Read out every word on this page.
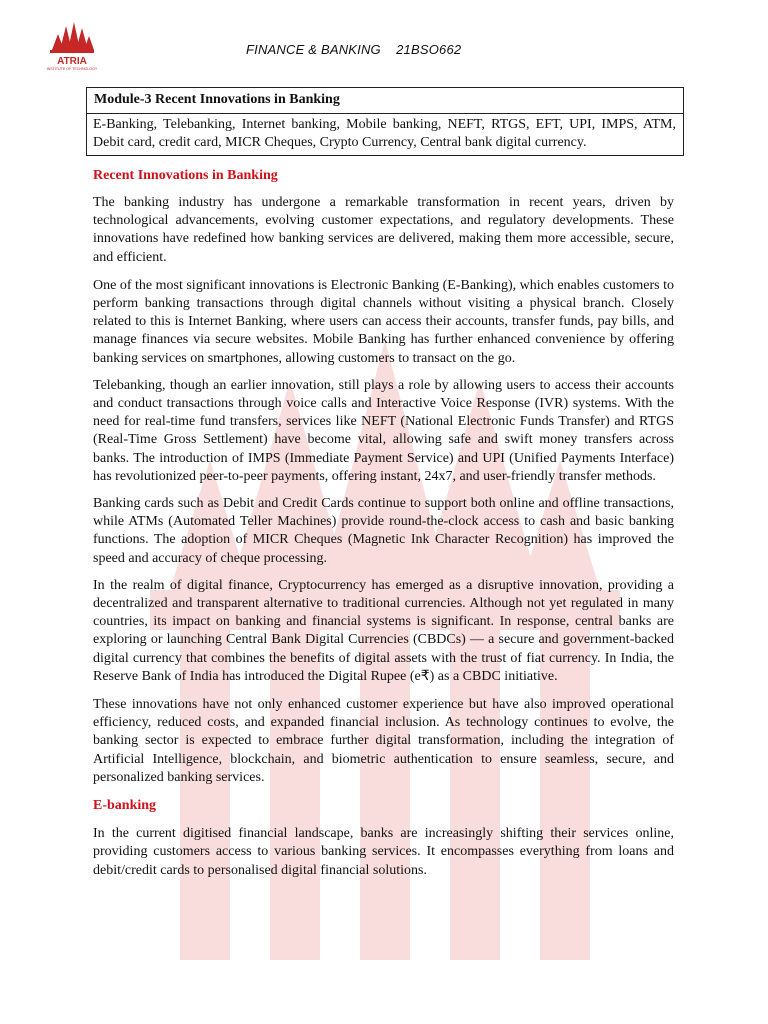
ATRIA
INSTITUTE OF TECHNOLOGY
FINANCE & BANKING    21BSO662
Module-3 Recent Innovations in Banking
E-Banking, Telebanking, Internet banking, Mobile banking, NEFT, RTGS, EFT, UPI, IMPS, ATM, Debit card, credit card, MICR Cheques, Crypto Currency, Central bank digital currency.
Recent Innovations in Banking

The banking industry has undergone a remarkable transformation in recent years, driven by technological advancements, evolving customer expectations, and regulatory developments. These innovations have redefined how banking services are delivered, making them more accessible, secure, and efficient.

One of the most significant innovations is Electronic Banking (E-Banking), which enables customers to perform banking transactions through digital channels without visiting a physical branch. Closely related to this is Internet Banking, where users can access their accounts, transfer funds, pay bills, and manage finances via secure websites. Mobile Banking has further enhanced convenience by offering banking services on smartphones, allowing customers to transact on the go.

Telebanking, though an earlier innovation, still plays a role by allowing users to access their accounts and conduct transactions through voice calls and Interactive Voice Response (IVR) systems. With the need for real-time fund transfers, services like NEFT (National Electronic Funds Transfer) and RTGS (Real-Time Gross Settlement) have become vital, allowing safe and swift money transfers across banks. The introduction of IMPS (Immediate Payment Service) and UPI (Unified Payments Interface) has revolutionized peer-to-peer payments, offering instant, 24x7, and user-friendly transfer methods.

Banking cards such as Debit and Credit Cards continue to support both online and offline transactions, while ATMs (Automated Teller Machines) provide round-the-clock access to cash and basic banking functions. The adoption of MICR Cheques (Magnetic Ink Character Recognition) has improved the speed and accuracy of cheque processing.

In the realm of digital finance, Cryptocurrency has emerged as a disruptive innovation, providing a decentralized and transparent alternative to traditional currencies. Although not yet regulated in many countries, its impact on banking and financial systems is significant. In response, central banks are exploring or launching Central Bank Digital Currencies (CBDCs) — a secure and government-backed digital currency that combines the benefits of digital assets with the trust of fiat currency. In India, the Reserve Bank of India has introduced the Digital Rupee (e₹) as a CBDC initiative.

These innovations have not only enhanced customer experience but have also improved operational efficiency, reduced costs, and expanded financial inclusion. As technology continues to evolve, the banking sector is expected to embrace further digital transformation, including the integration of Artificial Intelligence, blockchain, and biometric authentication to ensure seamless, secure, and personalized banking services.

E-banking

In the current digitised financial landscape, banks are increasingly shifting their services online, providing customers access to various banking services. It encompasses everything from loans and debit/credit cards to personalised digital financial solutions.
